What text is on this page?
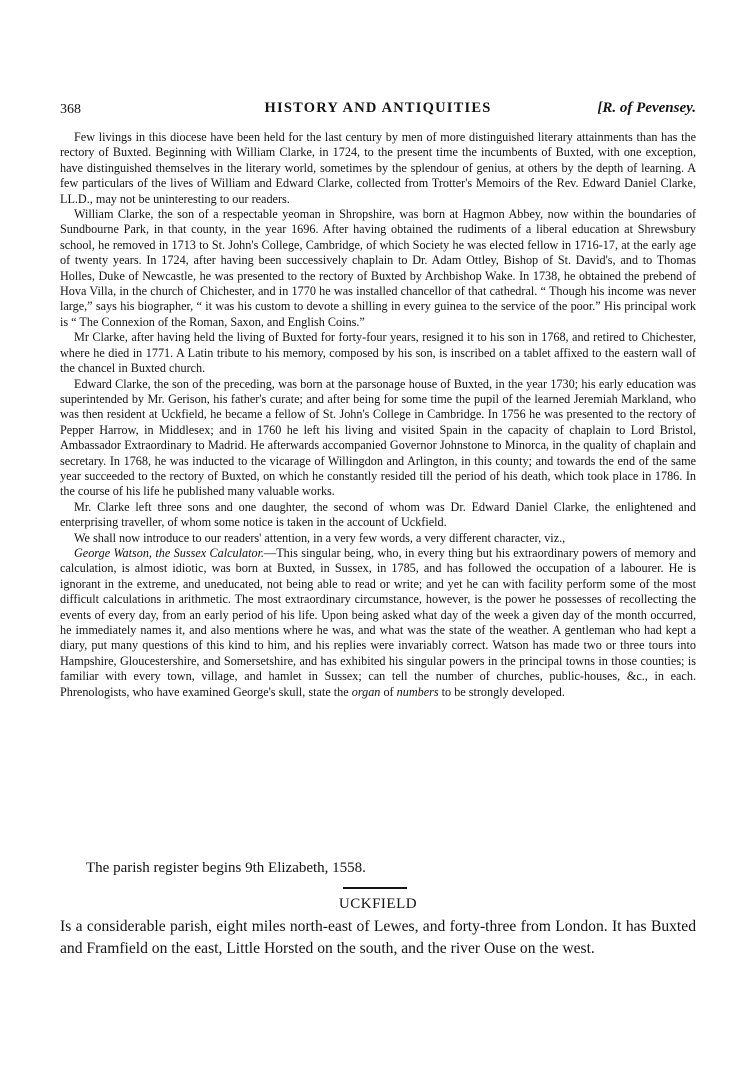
368	HISTORY AND ANTIQUITIES	[R. of Pevensey.

Few livings in this diocese have been held for the last century by men of more distinguished literary attainments than has the rectory of Buxted. Beginning with William Clarke, in 1724, to the present time the incumbents of Buxted, with one exception, have distinguished themselves in the literary world, sometimes by the splendour of genius, at others by the depth of learning. A few particulars of the lives of William and Edward Clarke, collected from Trotter's Memoirs of the Rev. Edward Daniel Clarke, LL.D., may not be uninteresting to our readers.

William Clarke, the son of a respectable yeoman in Shropshire, was born at Hagmon Abbey, now within the boundaries of Sundbourne Park, in that county, in the year 1696. After having obtained the rudiments of a liberal education at Shrewsbury school, he removed in 1713 to St. John's College, Cambridge, of which Society he was elected fellow in 1716-17, at the early age of twenty years. In 1724, after having been successively chaplain to Dr. Adam Ottley, Bishop of St. David's, and to Thomas Holles, Duke of Newcastle, he was presented to the rectory of Buxted by Archbishop Wake. In 1738, he obtained the prebend of Hova Villa, in the church of Chichester, and in 1770 he was installed chancellor of that cathedral. “ Though his income was never large,” says his biographer, “ it was his custom to devote a shilling in every guinea to the service of the poor.” His principal work is “ The Connexion of the Roman, Saxon, and English Coins.”

Mr Clarke, after having held the living of Buxted for forty-four years, resigned it to his son in 1768, and retired to Chichester, where he died in 1771. A Latin tribute to his memory, composed by his son, is inscribed on a tablet affixed to the eastern wall of the chancel in Buxted church.

Edward Clarke, the son of the preceding, was born at the parsonage house of Buxted, in the year 1730; his early education was superintended by Mr. Gerison, his father's curate; and after being for some time the pupil of the learned Jeremiah Markland, who was then resident at Uckfield, he became a fellow of St. John's College in Cambridge. In 1756 he was presented to the rectory of Pepper Harrow, in Middlesex; and in 1760 he left his living and visited Spain in the capacity of chaplain to Lord Bristol, Ambassador Extraordinary to Madrid. He afterwards accompanied Governor Johnstone to Minorca, in the quality of chaplain and secretary. In 1768, he was inducted to the vicarage of Willingdon and Arlington, in this county; and towards the end of the same year succeeded to the rectory of Buxted, on which he constantly resided till the period of his death, which took place in 1786. In the course of his life he published many valuable works.

Mr. Clarke left three sons and one daughter, the second of whom was Dr. Edward Daniel Clarke, the enlightened and enterprising traveller, of whom some notice is taken in the account of Uckfield.

We shall now introduce to our readers' attention, in a very few words, a very different character, viz.,

George Watson, the Sussex Calculator.—This singular being, who, in every thing but his extraordinary powers of memory and calculation, is almost idiotic, was born at Buxted, in Sussex, in 1785, and has followed the occupation of a labourer. He is ignorant in the extreme, and uneducated, not being able to read or write; and yet he can with facility perform some of the most difficult calculations in arithmetic. The most extraordinary circumstance, however, is the power he possesses of recollecting the events of every day, from an early period of his life. Upon being asked what day of the week a given day of the month occurred, he immediately names it, and also mentions where he was, and what was the state of the weather. A gentleman who had kept a diary, put many questions of this kind to him, and his replies were invariably correct. Watson has made two or three tours into Hampshire, Gloucestershire, and Somersetshire, and has exhibited his singular powers in the principal towns in those counties; is familiar with every town, village, and hamlet in Sussex; can tell the number of churches, public-houses, &c., in each. Phrenologists, who have examined George's skull, state the organ of numbers to be strongly developed.

The parish register begins 9th Elizabeth, 1558.
UCKFIELD
Is a considerable parish, eight miles north-east of Lewes, and forty-three from London. It has Buxted and Framfield on the east, Little Horsted on the south, and the river Ouse on the west.
